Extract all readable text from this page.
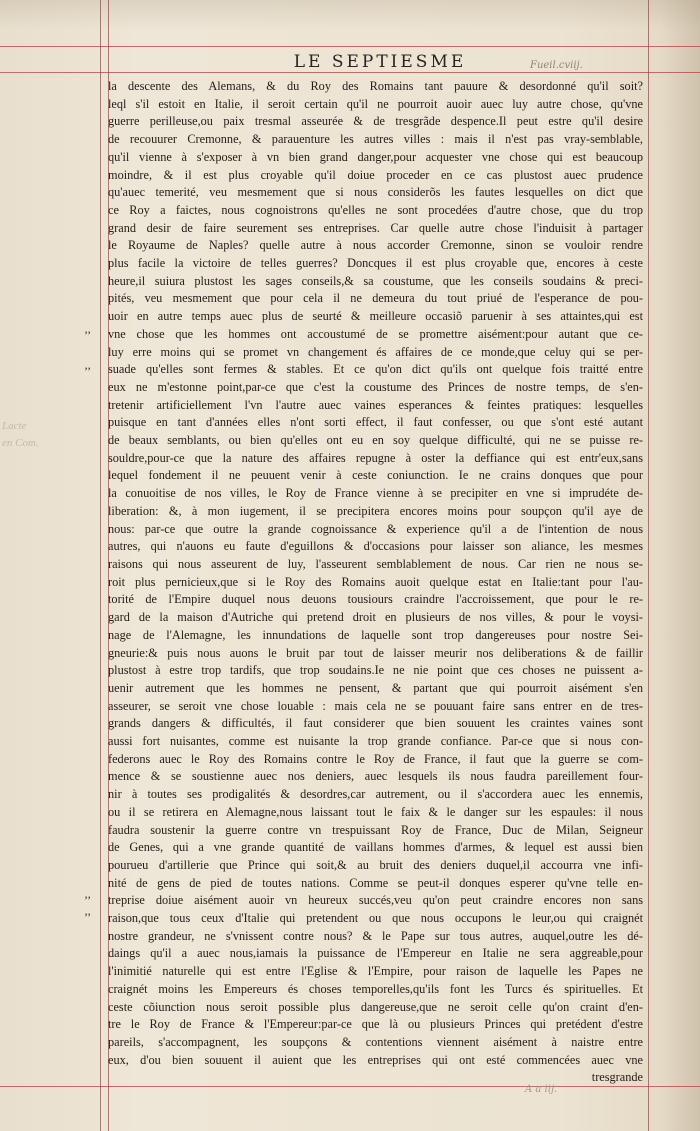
LE SEPTIESME	Fueil.cviij.
Lacte
en Com.
’’
’’
’’
’’
la descente des Alemans, & du Roy des Romains tant pauure & desordonné qu'il soit?
leql s'il estoit en Italie, il seroit certain qu'il ne pourroit auoir auec luy autre chose, qu'vne
guerre perilleuse,ou paix tresmal asseurée & de tresgrãde despence.Il peut estre qu'il desire
de recouurer Cremonne, & parauenture les autres villes : mais il n'est pas vray-semblable,
qu'il vienne à s'exposer à vn bien grand danger,pour acquester vne chose qui est beaucoup
moindre, & il est plus croyable qu'il doiue proceder en ce cas plustost auec prudence
qu'auec temerité, veu mesmement que si nous considerõs les fautes lesquelles on dict que
ce Roy a faictes, nous cognoistrons qu'elles ne sont procedées d'autre chose, que du trop
grand desir de faire seurement ses entreprises. Car quelle autre chose l'induisit à partager
le Royaume de Naples? quelle autre à nous accorder Cremonne, sinon se vouloir rendre
plus facile la victoire de telles guerres? Doncques il est plus croyable que, encores à ceste
heure,il suiura plustost les sages conseils,& sa coustume, que les conseils soudains & preci-
pités, veu mesmement que pour cela il ne demeura du tout priué de l'esperance de pou-
uoir en autre temps auec plus de seurté & meilleure occasiõ paruenir à ses attaintes,qui est
vne chose que les hommes ont accoustumé de se promettre aisément:pour autant que ce-
luy erre moins qui se promet vn changement és affaires de ce monde,que celuy qui se per-
suade qu'elles sont fermes & stables. Et ce qu'on dict qu'ils ont quelque fois traitté entre
eux ne m'estonne point,par-ce que c'est la coustume des Princes de nostre temps, de s'en-
tretenir artificiellement l'vn l'autre auec vaines esperances & feintes pratiques: lesquelles
puisque en tant d'années elles n'ont sorti effect, il faut confesser, ou que s'ont esté autant
de beaux semblants, ou bien qu'elles ont eu en soy quelque difficulté, qui ne se puisse re-
souldre,pour-ce que la nature des affaires repugne à oster la deffiance qui est entr'eux,sans
lequel fondement il ne peuuent venir à ceste coniunction. Ie ne crains donques que pour
la conuoitise de nos villes, le Roy de France vienne à se precipiter en vne si imprudéte de-
liberation: &, à mon iugement, il se precipitera encores moins pour soupçon qu'il aye de
nous: par-ce que outre la grande cognoissance & experience qu'il a de l'intention de nous
autres, qui n'auons eu faute d'eguillons & d'occasions pour laisser son aliance, les mesmes
raisons qui nous asseurent de luy, l'asseurent semblablement de nous. Car rien ne nous se-
roit plus pernicieux,que si le Roy des Romains auoit quelque estat en Italie:tant pour l'au-
torité de l'Empire duquel nous deuons tousiours craindre l'accroissement, que pour le re-
gard de la maison d'Autriche qui pretend droit en plusieurs de nos villes, & pour le voysi-
nage de l'Alemagne, les innundations de laquelle sont trop dangereuses pour nostre Sei-
gneurie:& puis nous auons le bruit par tout de laisser meurir nos deliberations & de faillir
plustost à estre trop tardifs, que trop soudains.Ie ne nie point que ces choses ne puissent a-
uenir autrement que les hommes ne pensent, & partant que qui pourroit aisément s'en
asseurer, se seroit vne chose louable : mais cela ne se pouuant faire sans entrer en de tres-
grands dangers & difficultés, il faut considerer que bien souuent les craintes vaines sont
aussi fort nuisantes, comme est nuisante la trop grande confiance. Par-ce que si nous con-
federons auec le Roy des Romains contre le Roy de France, il faut que la guerre se com-
mence & se soustienne auec nos deniers, auec lesquels ils nous faudra pareillement four-
nir à toutes ses prodigalités & desordres,car autrement, ou il s'accordera auec les ennemis,
ou il se retirera en Alemagne,nous laissant tout le faix & le danger sur les espaules: il nous
faudra soustenir la guerre contre vn trespuissant Roy de France, Duc de Milan, Seigneur
de Genes, qui a vne grande quantité de vaillans hommes d'armes, & lequel est aussi bien
pourueu d'artillerie que Prince qui soit,& au bruit des deniers duquel,il accourra vne infi-
nité de gens de pied de toutes nations. Comme se peut-il donques esperer qu'vne telle en-
treprise doiue aisément auoir vn heureux succés,veu qu'on peut craindre encores non sans
raison,que tous ceux d'Italie qui pretendent ou que nous occupons le leur,ou qui craignét
nostre grandeur, ne s'vnissent contre nous? & le Pape sur tous autres, auquel,outre les dé-
daings qu'il a auec nous,iamais la puissance de l'Empereur en Italie ne sera aggreable,pour
l'inimitié naturelle qui est entre l'Eglise & l'Empire, pour raison de laquelle les Papes ne
craignét moins les Empereurs és choses temporelles,qu'ils font les Turcs és spirituelles. Et
ceste cõiunction nous seroit possible plus dangereuse,que ne seroit celle qu'on craint d'en-
tre le Roy de France & l'Empereur:par-ce que là ou plusieurs Princes qui pretédent d'estre
pareils, s'accompagnent, les soupçons & contentions viennent aisément à naistre entre
eux, d'ou bien souuent il auient que les entreprises qui ont esté commencées auec vne
tresgrande
A a iij.
